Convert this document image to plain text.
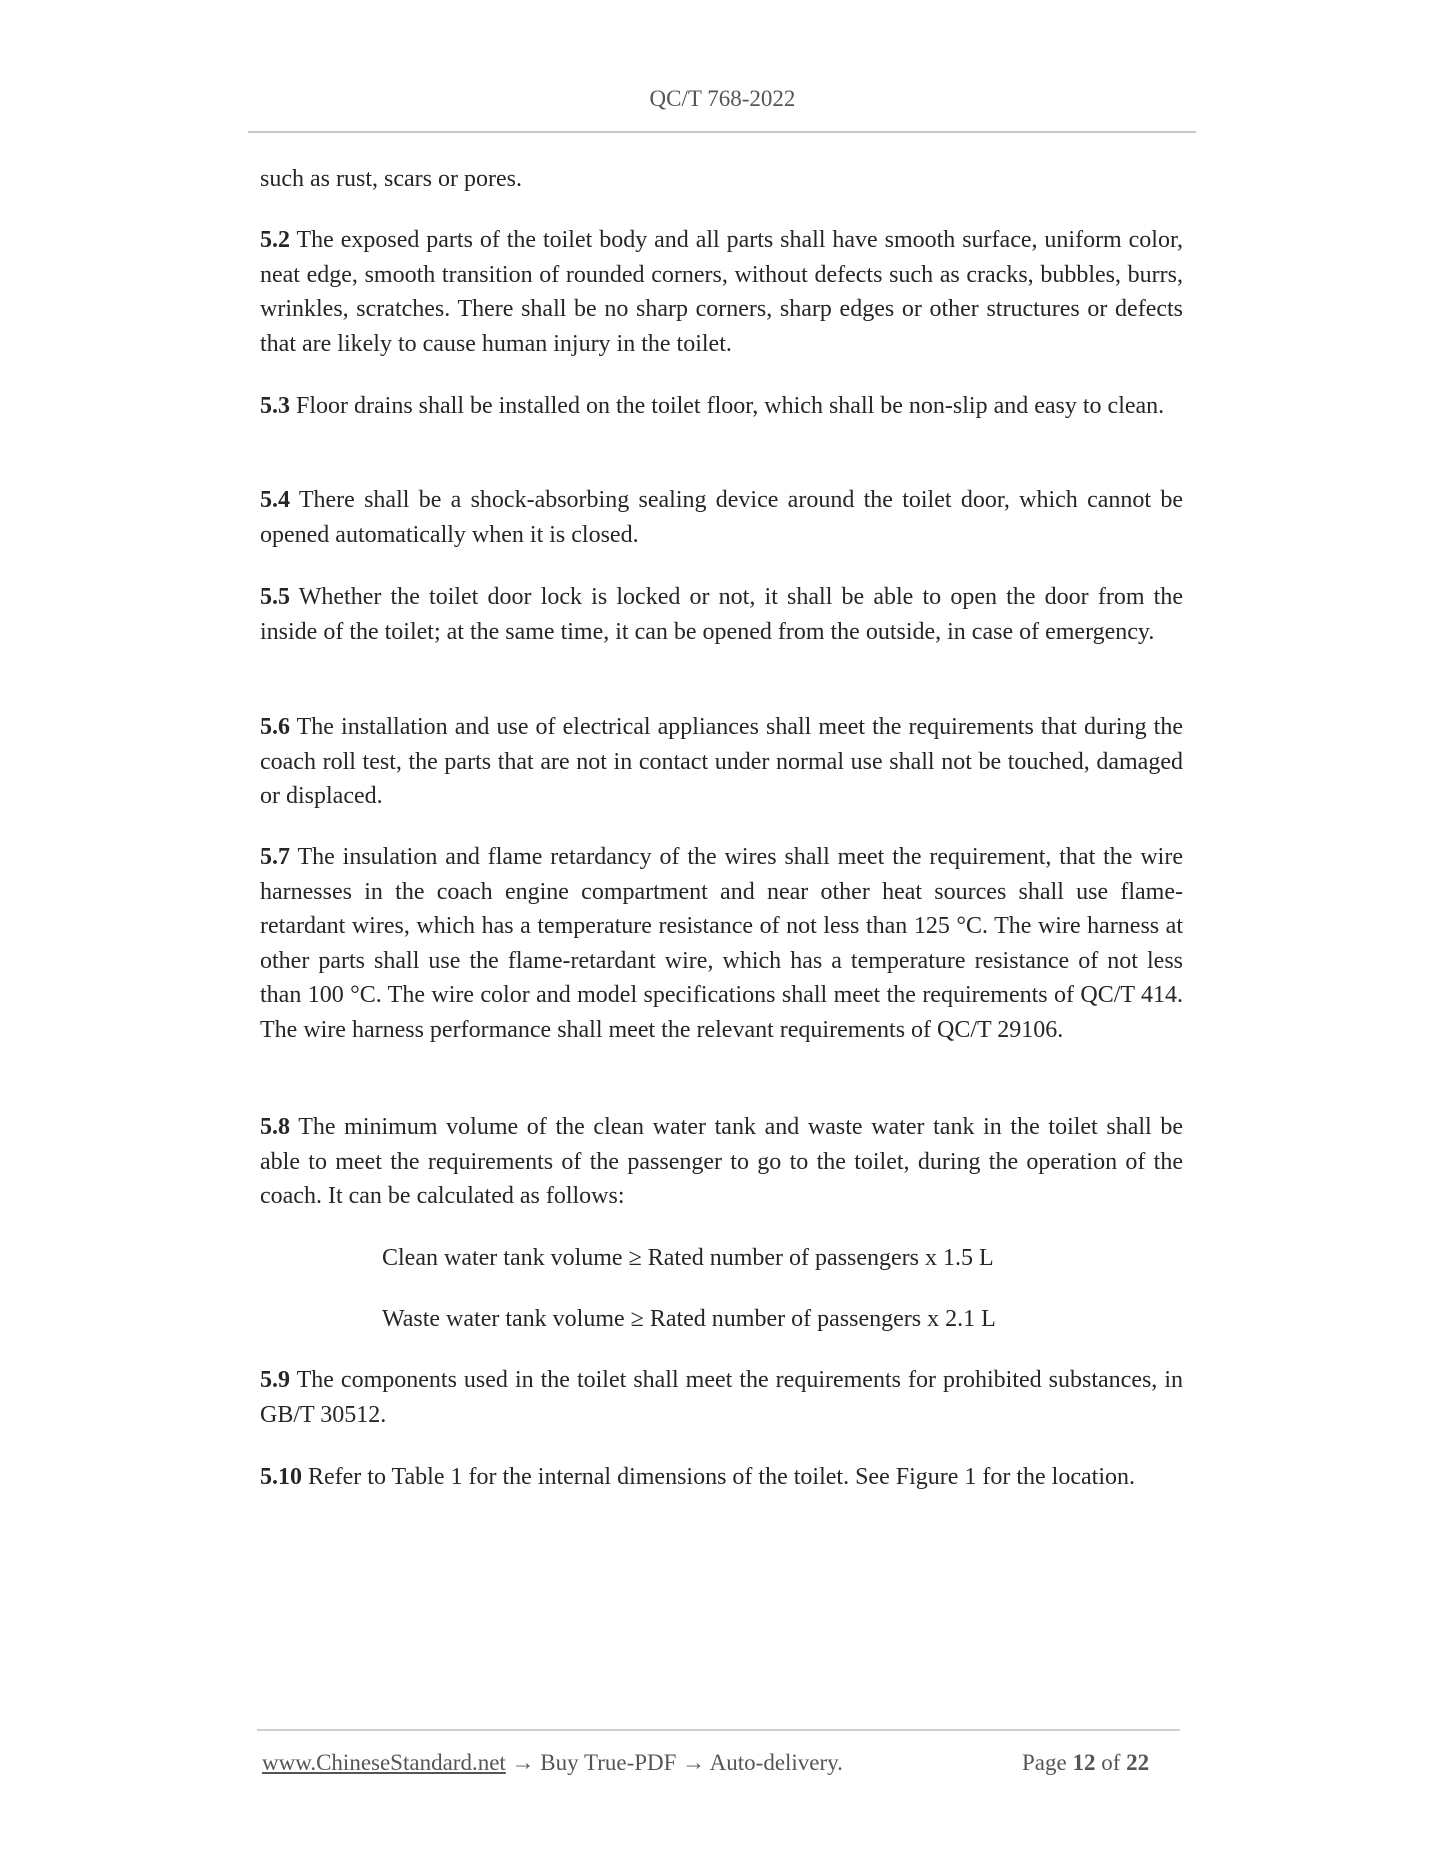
QC/T 768-2022
such as rust, scars or pores.
5.2 The exposed parts of the toilet body and all parts shall have smooth surface, uniform color, neat edge, smooth transition of rounded corners, without defects such as cracks, bubbles, burrs, wrinkles, scratches. There shall be no sharp corners, sharp edges or other structures or defects that are likely to cause human injury in the toilet.
5.3 Floor drains shall be installed on the toilet floor, which shall be non-slip and easy to clean.
5.4 There shall be a shock-absorbing sealing device around the toilet door, which cannot be opened automatically when it is closed.
5.5 Whether the toilet door lock is locked or not, it shall be able to open the door from the inside of the toilet; at the same time, it can be opened from the outside, in case of emergency.
5.6 The installation and use of electrical appliances shall meet the requirements that during the coach roll test, the parts that are not in contact under normal use shall not be touched, damaged or displaced.
5.7 The insulation and flame retardancy of the wires shall meet the requirement, that the wire harnesses in the coach engine compartment and near other heat sources shall use flame-retardant wires, which has a temperature resistance of not less than 125 °C. The wire harness at other parts shall use the flame-retardant wire, which has a temperature resistance of not less than 100 °C. The wire color and model specifications shall meet the requirements of QC/T 414. The wire harness performance shall meet the relevant requirements of QC/T 29106.
5.8 The minimum volume of the clean water tank and waste water tank in the toilet shall be able to meet the requirements of the passenger to go to the toilet, during the operation of the coach. It can be calculated as follows:
Clean water tank volume ≥ Rated number of passengers x 1.5 L
Waste water tank volume ≥ Rated number of passengers x 2.1 L
5.9 The components used in the toilet shall meet the requirements for prohibited substances, in GB/T 30512.
5.10 Refer to Table 1 for the internal dimensions of the toilet. See Figure 1 for the location.
www.ChineseStandard.net → Buy True-PDF → Auto-delivery.	Page 12 of 22
